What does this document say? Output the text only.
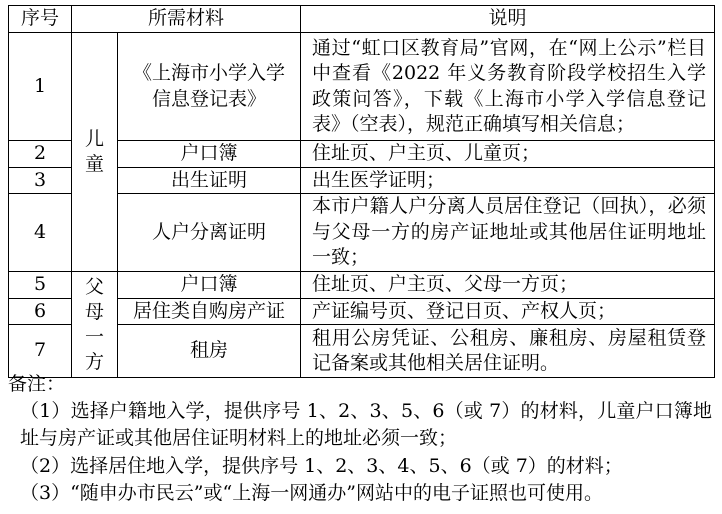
序号	所需材料		说明
1	儿童	《上海市小学入学信息登记表》	通过“虹口区教育局”官网，在“网上公示”栏目中查看《2022 年义务教育阶段学校招生入学政策问答》，下载《上海市小学入学信息登记表》（空表），规范正确填写相关信息；
2		户口簿	住址页、户主页、儿童页；
3		出生证明	出生医学证明；
4		人户分离证明	本市户籍人户分离人员居住登记（回执），必须与父母一方的房产证地址或其他居住证明地址一致；
5	父母一方	户口簿	住址页、户主页、父母一方页；
6		居住类自购房产证	产证编号页、登记日页、产权人页；
7		租房	租用公房凭证、公租房、廉租房、房屋租赁登记备案或其他相关居住证明。
备注：
（1）选择户籍地入学，提供序号 1、2、3、5、6（或 7）的材料，儿童户口簿地址与房产证或其他居住证明材料上的地址必须一致；
（2）选择居住地入学，提供序号 1、2、3、4、5、6（或 7）的材料；
（3）“随申办市民云”或“上海一网通办”网站中的电子证照也可使用。
